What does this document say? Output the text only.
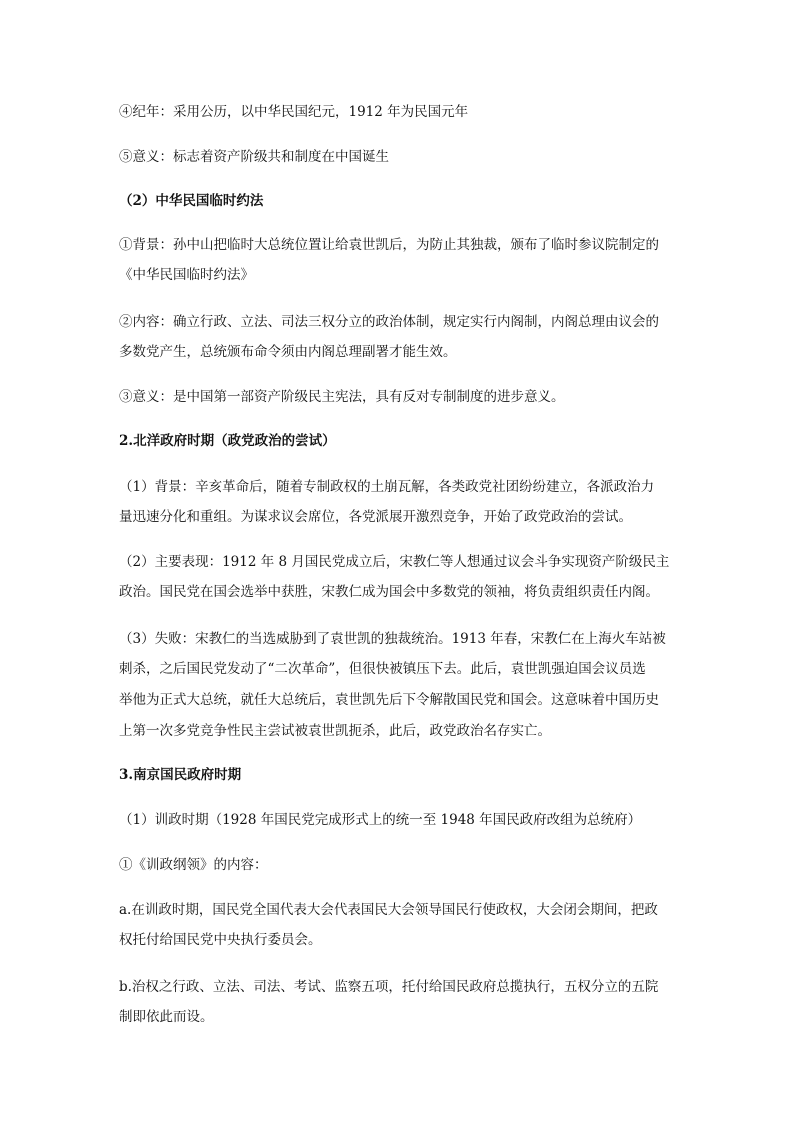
④纪年：采用公历，以中华民国纪元，1912 年为民国元年
⑤意义：标志着资产阶级共和制度在中国诞生
（2）中华民国临时约法
①背景：孙中山把临时大总统位置让给袁世凯后，为防止其独裁，颁布了临时参议院制定的
《中华民国临时约法》
②内容：确立行政、立法、司法三权分立的政治体制，规定实行内阁制，内阁总理由议会的
多数党产生，总统颁布命令须由内阁总理副署才能生效。
③意义：是中国第一部资产阶级民主宪法，具有反对专制制度的进步意义。
2.北洋政府时期（政党政治的尝试）
（1）背景：辛亥革命后，随着专制政权的土崩瓦解，各类政党社团纷纷建立，各派政治力
量迅速分化和重组。为谋求议会席位，各党派展开激烈竞争，开始了政党政治的尝试。
（2）主要表现：1912 年 8 月国民党成立后，宋教仁等人想通过议会斗争实现资产阶级民主
政治。国民党在国会选举中获胜，宋教仁成为国会中多数党的领袖，将负责组织责任内阁。
（3）失败：宋教仁的当选威胁到了袁世凯的独裁统治。1913 年春，宋教仁在上海火车站被
刺杀，之后国民党发动了“二次革命”，但很快被镇压下去。此后，袁世凯强迫国会议员选
举他为正式大总统，就任大总统后，袁世凯先后下令解散国民党和国会。这意味着中国历史
上第一次多党竞争性民主尝试被袁世凯扼杀，此后，政党政治名存实亡。
3.南京国民政府时期
（1）训政时期（1928 年国民党完成形式上的统一至 1948 年国民政府改组为总统府）
①《训政纲领》的内容：
a.在训政时期，国民党全国代表大会代表国民大会领导国民行使政权，大会闭会期间，把政
权托付给国民党中央执行委员会。
b.治权之行政、立法、司法、考试、监察五项，托付给国民政府总揽执行，五权分立的五院
制即依此而设。
